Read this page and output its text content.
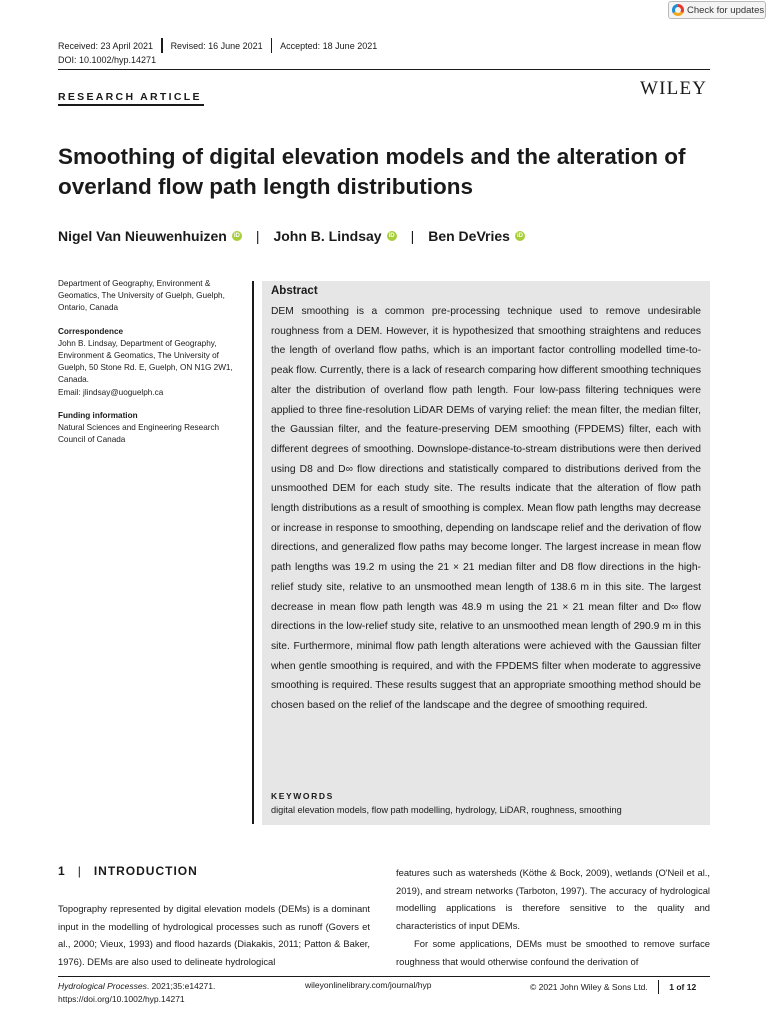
Check for updates
Received: 23 April 2021 Revised: 16 June 2021 Accepted: 18 June 2021
DOI: 10.1002/hyp.14271
RESEARCH ARTICLE	WILEY
Smoothing of digital elevation models and the alteration of overland flow path length distributions
Nigel Van Nieuwenhuizen	iD | John B. Lindsay	iD | Ben DeVries	iD

Department of Geography, Environment & Geomatics, The University of Guelph, Guelph, Ontario, Canada

Correspondence

John B. Lindsay, Department of Geography, Environment & Geomatics, The University of Guelph, 50 Stone Rd. E, Guelph, ON N1G 2W1, Canada.

Email: jlindsay@uoguelph.ca

Funding information

Natural Sciences and Engineering Research Council of Canada

Abstract
DEM smoothing is a common pre-processing technique used to remove undesirable roughness from a DEM. However, it is hypothesized that smoothing straightens and reduces the length of overland flow paths, which is an important factor controlling modelled time-to-peak flow. Currently, there is a lack of research comparing how different smoothing techniques alter the distribution of overland flow path length. Four low-pass filtering techniques were applied to three fine-resolution LiDAR DEMs of varying relief: the mean filter, the median filter, the Gaussian filter, and the feature-preserving DEM smoothing (FPDEMS) filter, each with different degrees of smoothing. Downslope-distance-to-stream distributions were then derived using D8 and D∞ flow directions and statistically compared to distributions derived from the unsmoothed DEM for each study site. The results indicate that the alteration of flow path length distributions as a result of smoothing is complex. Mean flow path lengths may decrease or increase in response to smoothing, depending on landscape relief and the derivation of flow directions, and generalized flow paths may become longer. The largest increase in mean flow path lengths was 19.2 m using the 21 × 21 median filter and D8 flow directions in the high-relief study site, relative to an unsmoothed mean length of 138.6 m in this site. The largest decrease in mean flow path length was 48.9 m using the 21 × 21 mean filter and D∞ flow directions in the low-relief study site, relative to an unsmoothed mean length of 290.9 m in this site. Furthermore, minimal flow path length alterations were achieved with the Gaussian filter when gentle smoothing is required, and with the FPDEMS filter when moderate to aggressive smoothing is required. These results suggest that an appropriate smoothing method should be chosen based on the relief of the landscape and the degree of smoothing required.
KEYWORDS
digital elevation models, flow path modelling, hydrology, LiDAR, roughness, smoothing
1 | INTRODUCTION

Topography represented by digital elevation models (DEMs) is a dominant input in the modelling of hydrological processes such as runoff (Govers et al., 2000; Vieux, 1993) and flood hazards (Diakakis, 2011; Patton & Baker, 1976). DEMs are also used to delineate hydrological

features such as watersheds (Köthe & Bock, 2009), wetlands (O'Neil et al., 2019), and stream networks (Tarboton, 1997). The accuracy of hydrological modelling applications is therefore sensitive to the quality and characteristics of input DEMs.

For some applications, DEMs must be smoothed to remove surface roughness that would otherwise confound the derivation of

Hydrological Processes. 2021;35:e14271.
https://doi.org/10.1002/hyp.14271
wileyonlinelibrary.com/journal/hyp	© 2021 John Wiley & Sons Ltd.	1 of 12
